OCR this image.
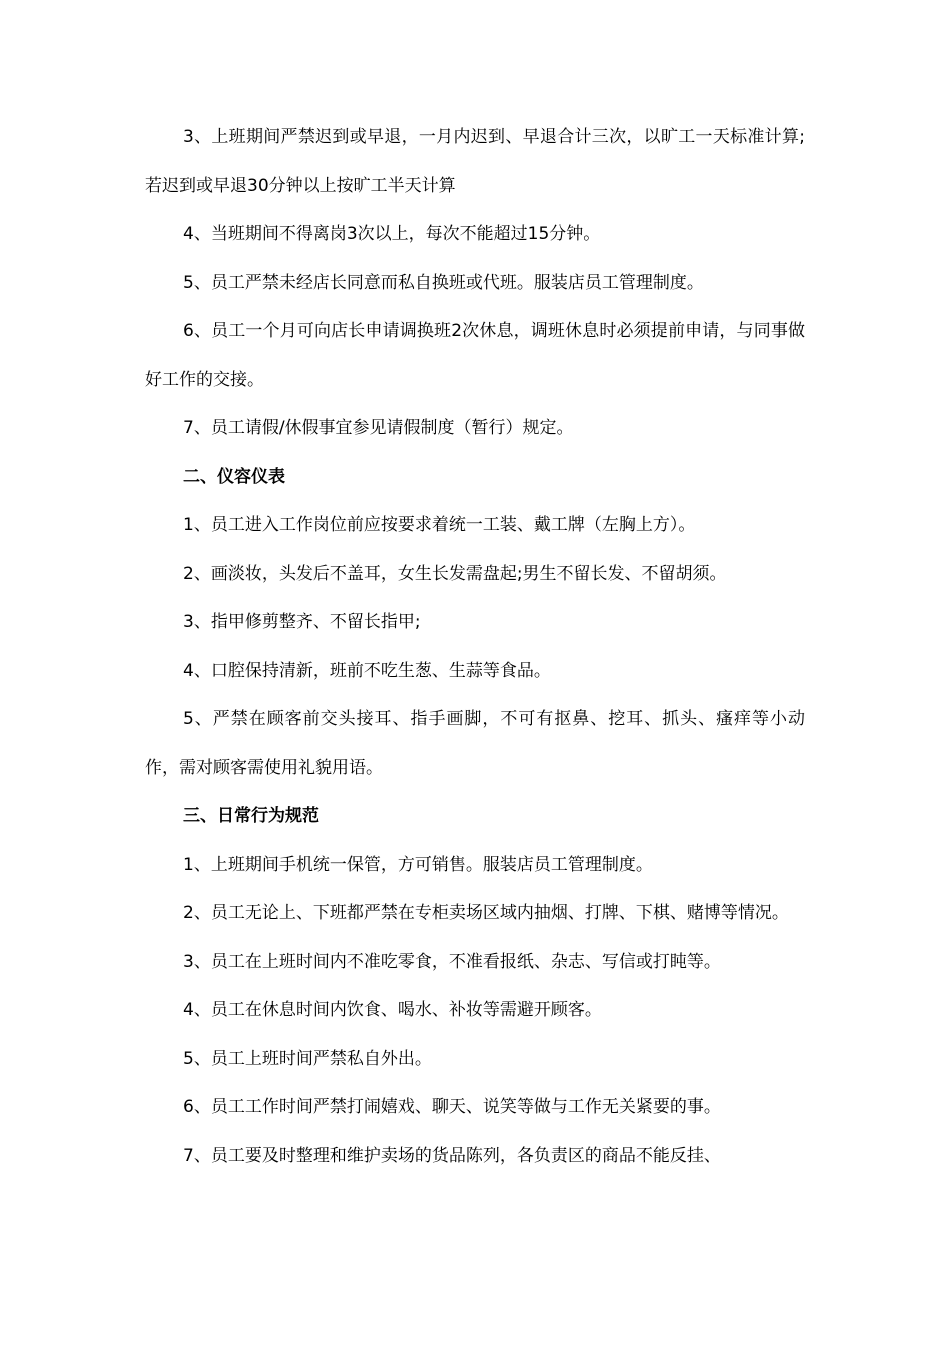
3、上班期间严禁迟到或早退，一月内迟到、早退合计三次，以旷工一天标准计算;若迟到或早退30分钟以上按旷工半天计算

4、当班期间不得离岗3次以上，每次不能超过15分钟。

5、员工严禁未经店长同意而私自换班或代班。服装店员工管理制度。

6、员工一个月可向店长申请调换班2次休息，调班休息时必须提前申请，与同事做好工作的交接。

7、员工请假/休假事宜参见请假制度（暂行）规定。

二、仪容仪表

1、员工进入工作岗位前应按要求着统一工装、戴工牌（左胸上方）。

2、画淡妆，头发后不盖耳，女生长发需盘起;男生不留长发、不留胡须。

3、指甲修剪整齐、不留长指甲;

4、口腔保持清新，班前不吃生葱、生蒜等食品。

5、严禁在顾客前交头接耳、指手画脚，不可有抠鼻、挖耳、抓头、瘙痒等小动作，需对顾客需使用礼貌用语。

三、日常行为规范

1、上班期间手机统一保管，方可销售。服装店员工管理制度。

2、员工无论上、下班都严禁在专柜卖场区域内抽烟、打牌、下棋、赌博等情况。

3、员工在上班时间内不准吃零食，不准看报纸、杂志、写信或打盹等。

4、员工在休息时间内饮食、喝水、补妆等需避开顾客。

5、员工上班时间严禁私自外出。

6、员工工作时间严禁打闹嬉戏、聊天、说笑等做与工作无关紧要的事。

7、员工要及时整理和维护卖场的货品陈列，各负责区的商品不能反挂、
